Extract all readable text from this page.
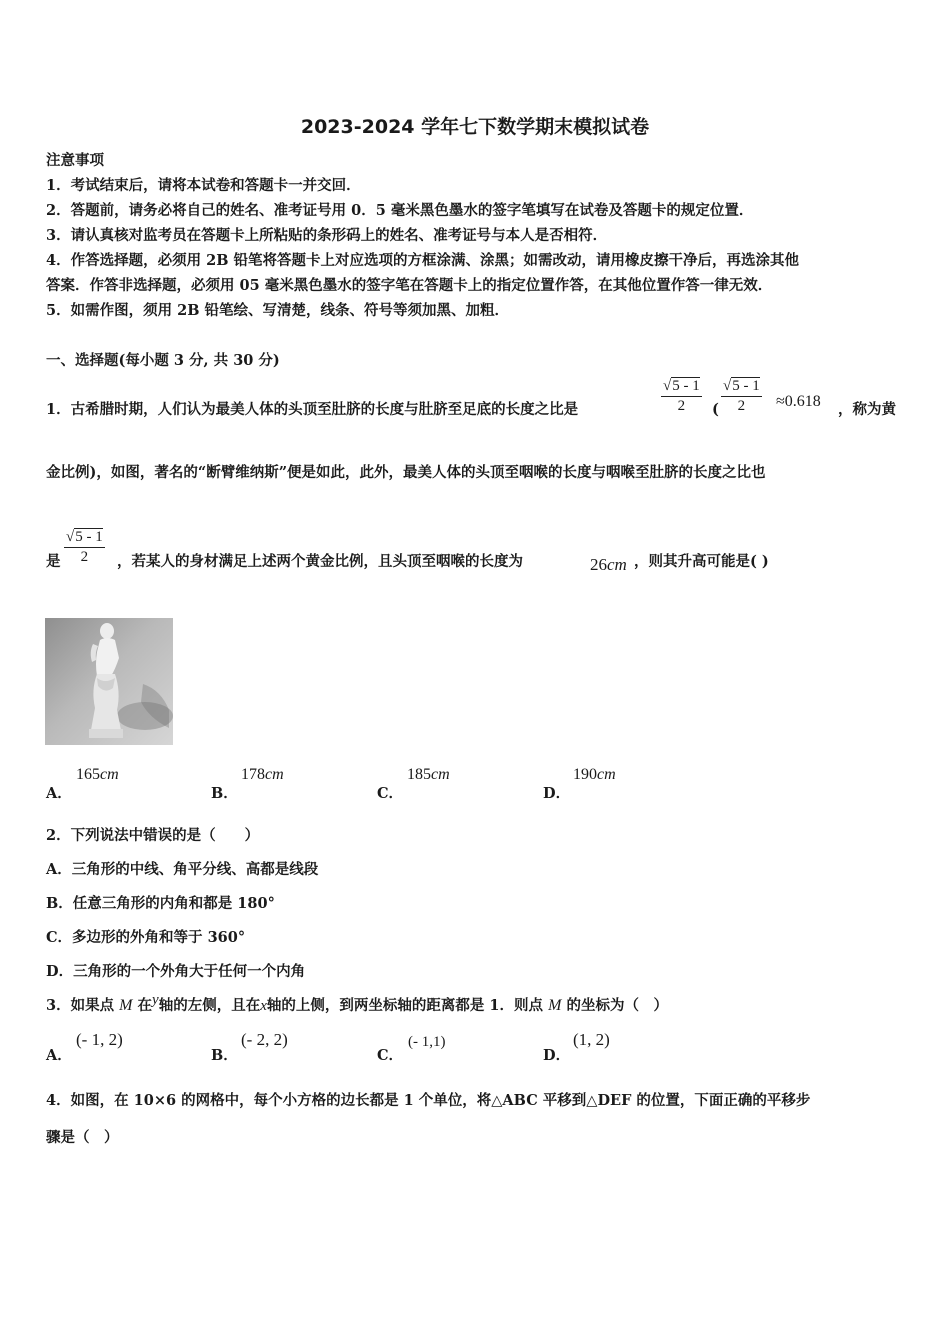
2023-2024 学年七下数学期末模拟试卷
注意事项
1．考试结束后，请将本试卷和答题卡一并交回．
2．答题前，请务必将自己的姓名、准考证号用 0．5 毫米黑色墨水的签字笔填写在试卷及答题卡的规定位置．
3．请认真核对监考员在答题卡上所粘贴的条形码上的姓名、准考证号与本人是否相符．
4．作答选择题，必须用 2B 铅笔将答题卡上对应选项的方框涂满、涂黑；如需改动，请用橡皮擦干净后，再选涂其他
答案．作答非选择题，必须用 05 毫米黑色墨水的签字笔在答题卡上的指定位置作答，在其他位置作答一律无效．
5．如需作图，须用 2B 铅笔绘、写清楚，线条、符号等须加黑、加粗．
一、选择题(每小题 3 分, 共 30 分)
1．古希腊时期，人们认为最美人体的头顶至肚脐的长度与肚脐至足底的长度之比是
√5 - 1
2	(
√5 - 1
2	≈0.618 ，称为黄
金比例)，如图，著名的“断臂维纳斯”便是如此，此外，最美人体的头顶至咽喉的长度与咽喉至肚脐的长度之比也
是
√5 - 1
2	，若某人的身材满足上述两个黄金比例，且头顶至咽喉的长度为	26cm ，则其升高可能是( )
A．
165cm
B．
178cm
C．
185cm
D．
190cm
2．下列说法中错误的是（　　）
A．三角形的中线、角平分线、高都是线段
B．任意三角形的内角和都是 180°
C．多边形的外角和等于 360°
D．三角形的一个外角大于任何一个内角
3．如果点 M 在y轴的左侧，且在x轴的上侧，到两坐标轴的距离都是 1．则点 M 的坐标为（　）
A．
(- 1, 2)
B．
(- 2, 2)
C．
(- 1,1)
D．
(1, 2)
4．如图，在 10×6 的网格中，每个小方格的边长都是 1 个单位，将△ABC 平移到△DEF 的位置，下面正确的平移步
骤是（　）
